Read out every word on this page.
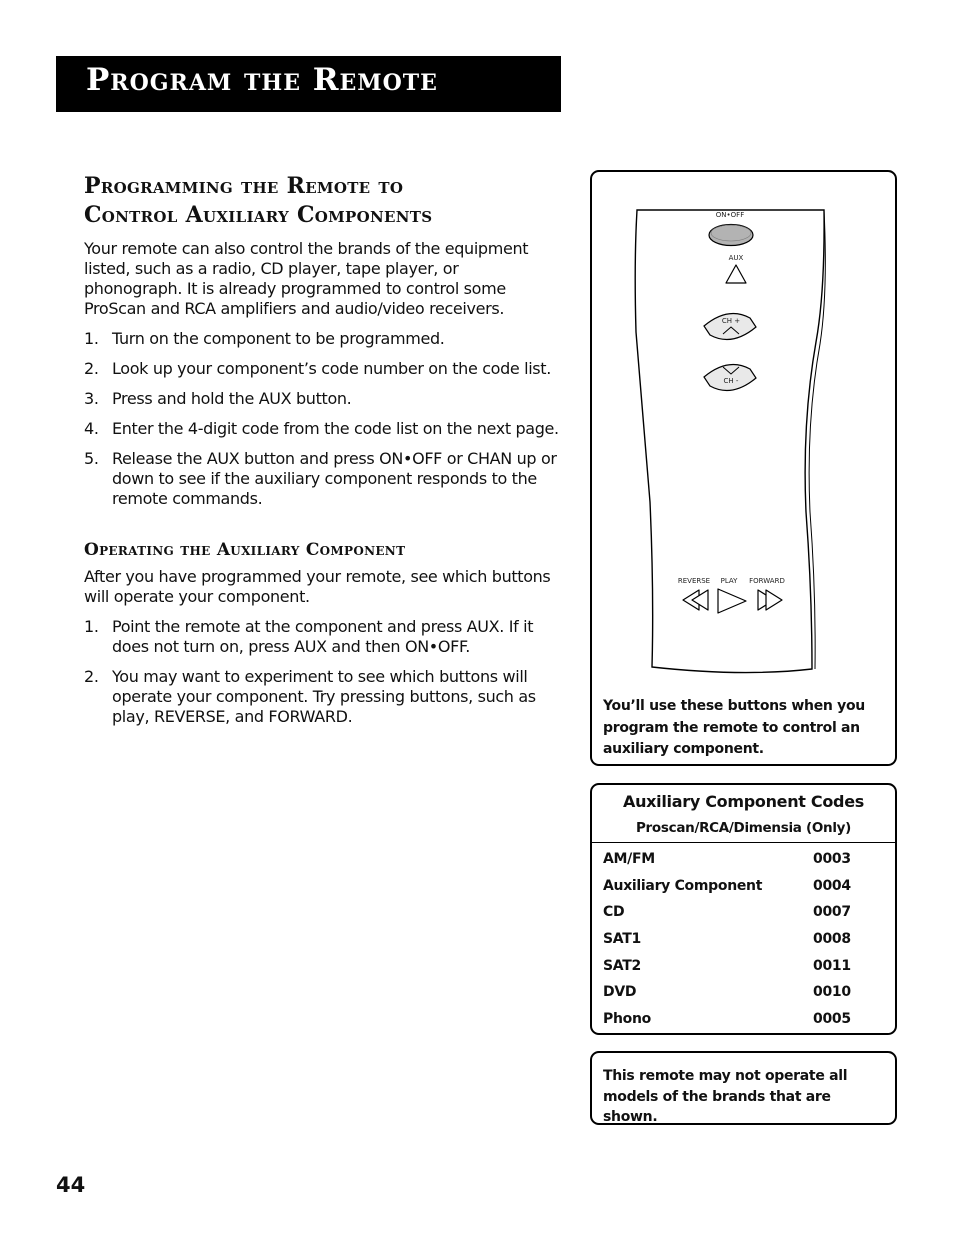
Program the Remote
Programming the Remote to
Control Auxiliary Components

Your remote can also control the brands of the equipment listed, such as a radio, CD player, tape player, or phonograph. It is already programmed to control some ProScan and RCA amplifiers and audio/video receivers.

1. Turn on the component to be programmed.
2. Look up your component’s code number on the code list.
3. Press and hold the AUX button.
4. Enter the 4-digit code from the code list on the next page.
5. Release the AUX button and press ON•OFF or CHAN up or down to see if the auxiliary component responds to the remote commands.
Operating the Auxiliary Component

After you have programmed your remote, see which buttons will operate your component.

1. Point the remote at the component and press AUX. If it does not turn on, press AUX and then ON•OFF.
2. You may want to experiment to see which buttons will operate your component. Try pressing buttons, such as play, REVERSE, and FORWARD.
ON•OFF
AUX
CH +
CH -
REVERSE PLAY FORWARD
You’ll use these buttons when you program the remote to control an auxiliary component.
Auxiliary Component Codes
Proscan/RCA/Dimensia (Only)
AM/FM	0003
Auxiliary Component	0004
CD	0007
SAT1	0008
SAT2	0011
DVD	0010
Phono	0005
This remote may not operate all models of the brands that are shown.
44
